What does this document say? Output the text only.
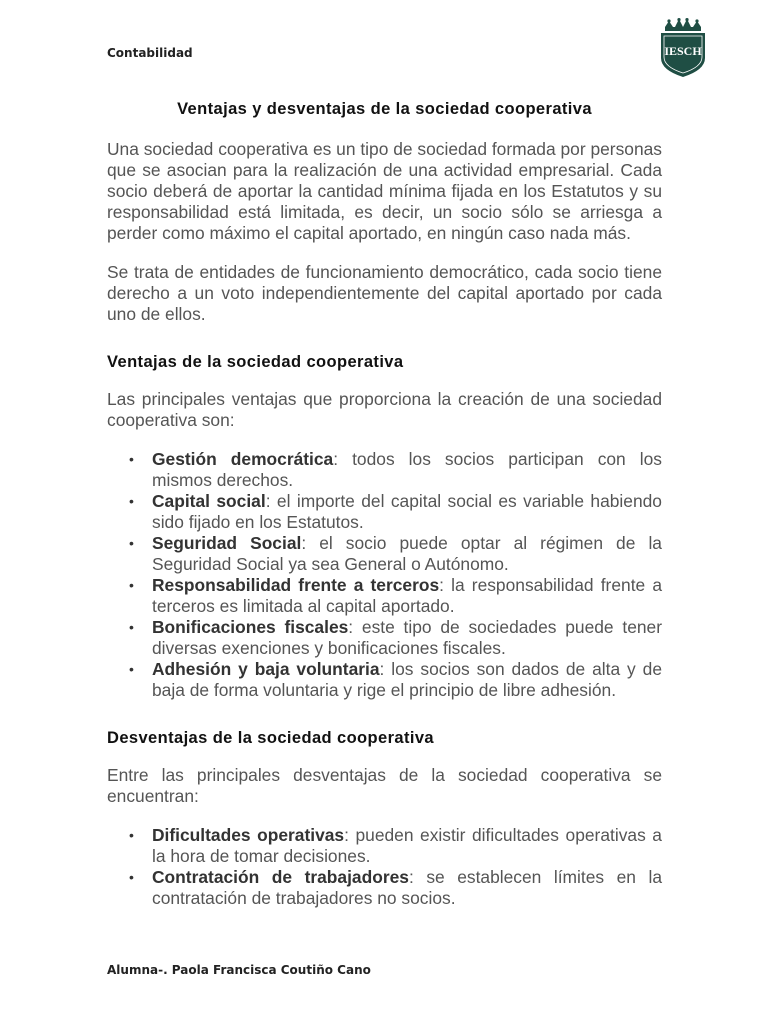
Contabilidad	IESCH
Ventajas y desventajas de la sociedad cooperativa

Una sociedad cooperativa es un tipo de sociedad formada por personas que se asocian para la realización de una actividad empresarial. Cada socio deberá de aportar la cantidad mínima fijada en los Estatutos y su responsabilidad está limitada, es decir, un socio sólo se arriesga a perder como máximo el capital aportado, en ningún caso nada más.

Se trata de entidades de funcionamiento democrático, cada socio tiene derecho a un voto independientemente del capital aportado por cada uno de ellos.

Ventajas de la sociedad cooperativa

Las principales ventajas que proporciona la creación de una sociedad cooperativa son:

• Gestión democrática: todos los socios participan con los mismos derechos.
• Capital social: el importe del capital social es variable habiendo sido fijado en los Estatutos.
• Seguridad Social: el socio puede optar al régimen de la Seguridad Social ya sea General o Autónomo.
• Responsabilidad frente a terceros: la responsabilidad frente a terceros es limitada al capital aportado.
• Bonificaciones fiscales: este tipo de sociedades puede tener diversas exenciones y bonificaciones fiscales.
• Adhesión y baja voluntaria: los socios son dados de alta y de baja de forma voluntaria y rige el principio de libre adhesión.
Desventajas de la sociedad cooperativa

Entre las principales desventajas de la sociedad cooperativa se encuentran:

• Dificultades operativas: pueden existir dificultades operativas a la hora de tomar decisiones.
• Contratación de trabajadores: se establecen límites en la contratación de trabajadores no socios.
Alumna-. Paola Francisca Coutiño Cano
